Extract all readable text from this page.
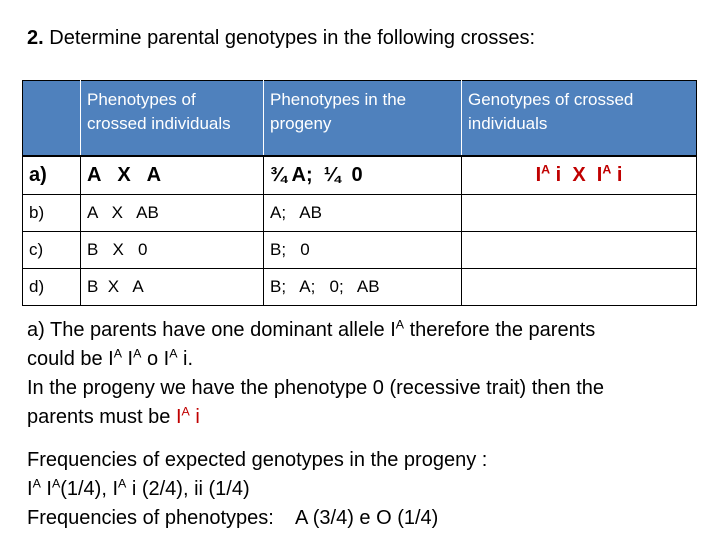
2. Determine parental genotypes in the following crosses:
	Phenotypes of crossed individuals	Phenotypes in the progeny	Genotypes of crossed individuals
a)	A   X   A	¾ A;  ¼  0	$I^A$ i X $I^A$ i
b)	A   X   AB	A;   AB	
c)	B   X   0	B;   0	
d)	B  X   A	B;   A;   0;   AB	

a) The parents have one dominant allele $I^A$ therefore the parents

could be $I^A$ $I^A$ o $I^A$ i.

In the progeny we have the phenotype 0 (recessive trait) then the

parents must be $I^A$ i

Frequencies of expected genotypes in the progeny :

$I^A$ $I^A(1/4)$, $I^A$ i (2/4), ii (1/4)

Frequencies of phenotypes:    A (3/4) e O (1/4)
